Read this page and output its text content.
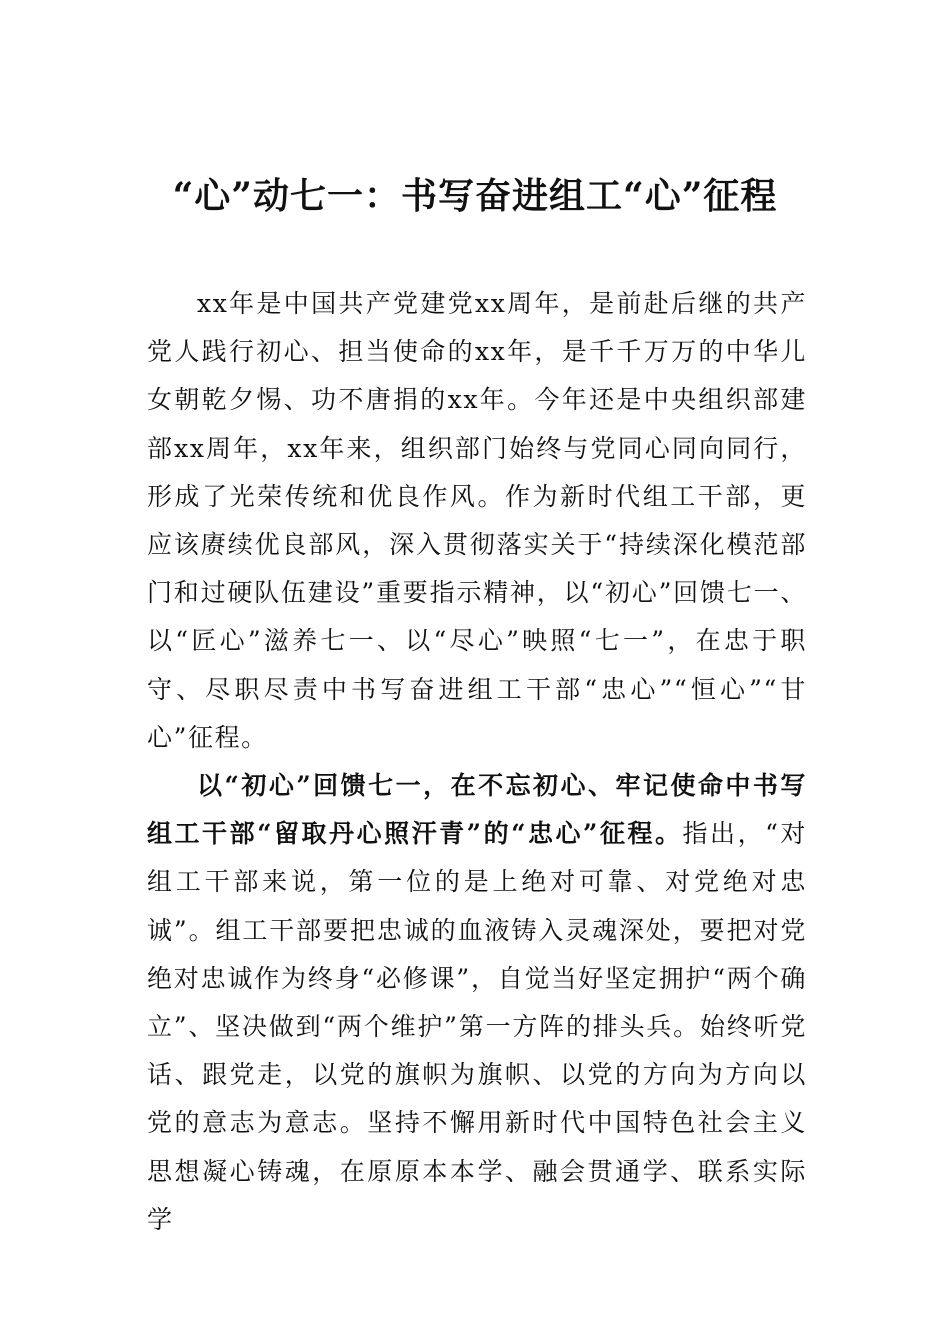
“心”动七一：书写奋进组工“心”征程

xx年是中国共产党建党xx周年，是前赴后继的共产党人践行初心、担当使命的xx年，是千千万万的中华儿女朝乾夕惕、功不唐捐的xx年。今年还是中央组织部建部xx周年，xx年来，组织部门始终与党同心同向同行，形成了光荣传统和优良作风。作为新时代组工干部，更应该赓续优良部风，深入贯彻落实关于“持续深化模范部门和过硬队伍建设”重要指示精神，以“初心”回馈七一、以“匠心”滋养七一、以“尽心”映照“七一”，在忠于职守、尽职尽责中书写奋进组工干部“忠心”“恒心”“甘心”征程。

以“初心”回馈七一，在不忘初心、牢记使命中书写组工干部“留取丹心照汗青”的“忠心”征程。指出，“对组工干部来说，第一位的是上绝对可靠、对党绝对忠诚”。组工干部要把忠诚的血液铸入灵魂深处，要把对党绝对忠诚作为终身“必修课”，自觉当好坚定拥护“两个确立”、坚决做到“两个维护”第一方阵的排头兵。始终听党话、跟党走，以党的旗帜为旗帜、以党的方向为方向以党的意志为意志。坚持不懈用新时代中国特色社会主义思想凝心铸魂，在原原本本学、融会贯通学、联系实际学
